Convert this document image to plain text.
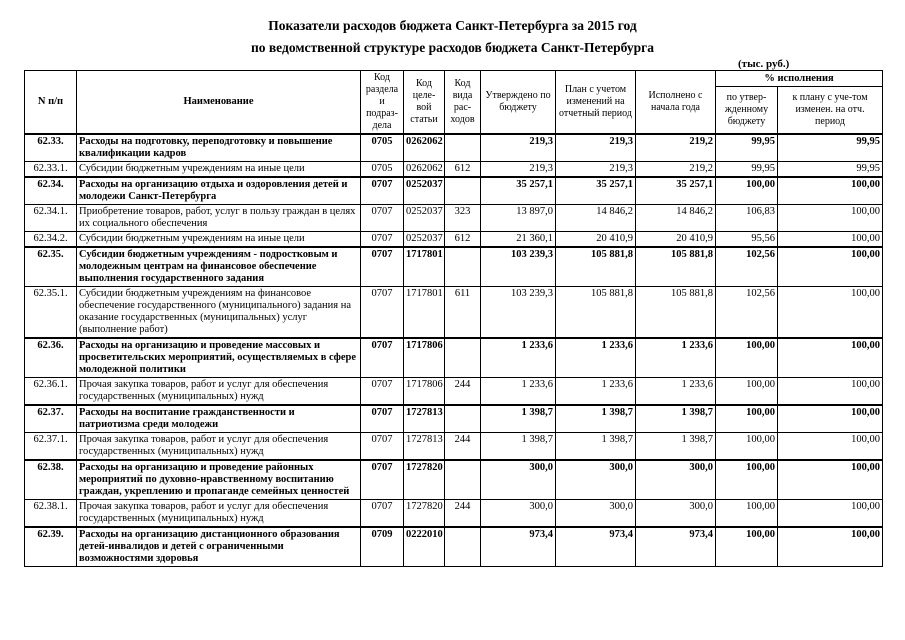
Показатели расходов бюджета Санкт-Петербурга за 2015 год
по ведомственной структуре расходов бюджета Санкт-Петербурга
(тыс. руб.)
N п/п	Наименование	Код раздела и подраз-дела	Код целе-вой статьи	Код вида рас-ходов	Утверждено по бюджету	План с учетом изменений на отчетный период	Исполнено с начала года	% исполнения	
								по утвер-жденному бюджету	к плану с уче-том изменен. на отч. период
62.33.	Расходы на подготовку, переподготовку и повышение квалификации кадров	0705	0262062		219,3	219,3	219,2	99,95	99,95
62.33.1.	Субсидии бюджетным учреждениям на иные цели	0705	0262062	612	219,3	219,3	219,2	99,95	99,95
62.34.	Расходы на организацию отдыха и оздоровления детей и молодежи Санкт-Петербурга	0707	0252037		35 257,1	35 257,1	35 257,1	100,00	100,00
62.34.1.	Приобретение товаров, работ, услуг в пользу граждан в целях их социального обеспечения	0707	0252037	323	13 897,0	14 846,2	14 846,2	106,83	100,00
62.34.2.	Субсидии бюджетным учреждениям на иные цели	0707	0252037	612	21 360,1	20 410,9	20 410,9	95,56	100,00
62.35.	Субсидии бюджетным учреждениям - подростковым и молодежным центрам на финансовое обеспечение выполнения государственного задания	0707	1717801		103 239,3	105 881,8	105 881,8	102,56	100,00
62.35.1.	Субсидии бюджетным учреждениям на финансовое обеспечение государственного (муниципального) задания на оказание государственных (муниципальных) услуг (выполнение работ)	0707	1717801	611	103 239,3	105 881,8	105 881,8	102,56	100,00
62.36.	Расходы на организацию и проведение массовых и просветительских мероприятий, осуществляемых в сфере молодежной политики	0707	1717806		1 233,6	1 233,6	1 233,6	100,00	100,00
62.36.1.	Прочая закупка товаров, работ и услуг для обеспечения государственных (муниципальных) нужд	0707	1717806	244	1 233,6	1 233,6	1 233,6	100,00	100,00
62.37.	Расходы на воспитание гражданственности и патриотизма среди молодежи	0707	1727813		1 398,7	1 398,7	1 398,7	100,00	100,00
62.37.1.	Прочая закупка товаров, работ и услуг для обеспечения государственных (муниципальных) нужд	0707	1727813	244	1 398,7	1 398,7	1 398,7	100,00	100,00
62.38.	Расходы на организацию и проведение районных мероприятий по духовно-нравственному воспитанию граждан, укреплению и пропаганде семейных ценностей	0707	1727820		300,0	300,0	300,0	100,00	100,00
62.38.1.	Прочая закупка товаров, работ и услуг для обеспечения государственных (муниципальных) нужд	0707	1727820	244	300,0	300,0	300,0	100,00	100,00
62.39.	Расходы на организацию дистанционного образования детей-инвалидов и детей с ограниченными возможностями здоровья	0709	0222010		973,4	973,4	973,4	100,00	100,00
